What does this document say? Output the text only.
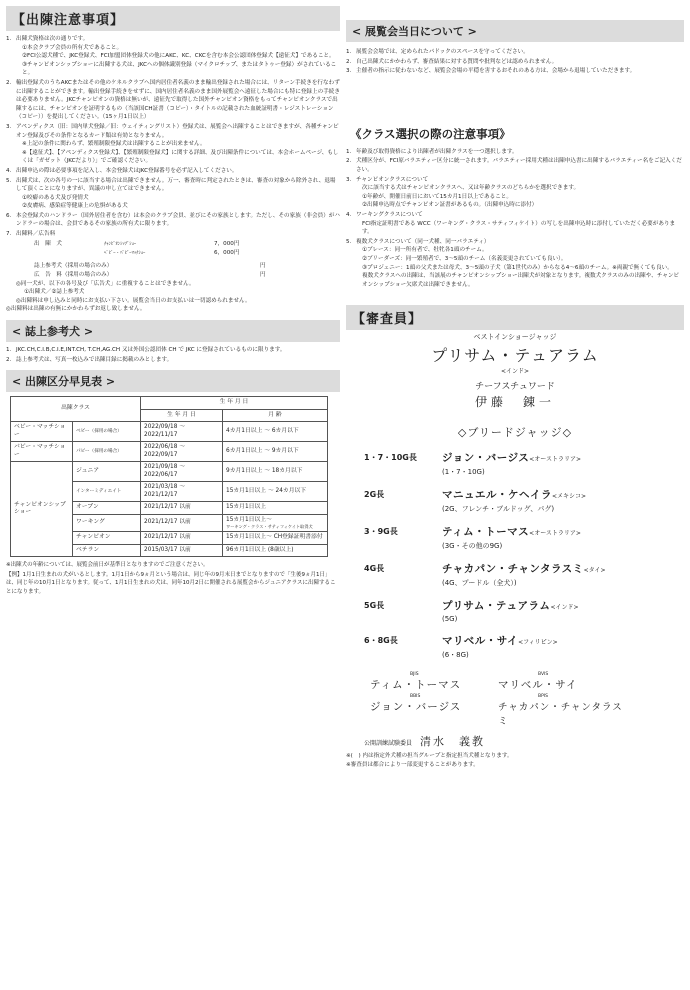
【出陳注意事項】
1. 出陳犬資格は次の通りです。
①本会クラブ会員の所有犬であること。
②FCI公認犬種で、JKC登録犬、FCI加盟団体登録犬の他にAKC、KC、CKCを含む本会公認団体登録犬【遠征犬】であること。
③チャンピオンシップショーに出陳する犬は、JKCへの個体識別登録（マイクロチップ、またはタトゥー登録）がされていること。
2. 輸出登録犬のうちAKCまたはその他のケネルクラブへ国内居住者名義のまま輸出登録された場合には、リターン手続きを行なわずに出陳することができます。輸出登録手続きをせずに、国内居住者名義のまま国外展覧会へ遠征した場合にも特に登録上の手続きは必要ありません。JKCチャンピオンの資格は無いが、遠征先で取得した国外チャンピオン資格をもってチャンピオンクラスで出陳するには、チャンピオンを証明するもの（当該国CH証書（コピー）・タイトルの記載された血統証明書・レジストレーション（コピー））を提出してください。（15ヶ月1日以上）
3. アペンディクス（旧：国内単犬登録／旧：ウェイティングリスト）登録犬は、展覧会へ出陳することはできますが、各種チャンピオン登録及びその条件となるカード類は有効となりません。
※上記の条件に関わらず、繁殖制限登録犬は出陳することが出来ません。
※【遠征犬】、【アペンディクス登録犬】、【繁殖制限登録犬】に関する詳細、及び出陳条件については、本会ホームページ、もしくは「ガゼット（JKCだより）」でご確認ください。
4. 出陳申込の際は必要事項を記入し、本会登録犬はJKC登録番号を必ず記入してください。
5. 出陳犬は、次の各号の一に該当する場合は出陳できません。万一、審査時に判定されたときは、審査の対象から除外され、退場して頂くことになりますが、異議の申し立てはできません。
①咬癖のある犬及び発情犬
②皮膚病、感染症等健康上の危惧がある犬
6. 本会登録犬のハンドラー（国外居住者を含む）は本会のクラブ会員、並びにその家族とします。ただし、その家族（非会員）がハンドラーの場合は、会員であるその家族の所有犬に限ります。
7. 出陳料／広告料
出　陳　犬	ﾁｬﾝﾋﾟｵﾝｼｯﾌﾟｼｮｰ	7，000円
ﾍﾞﾋﾞｰ・ﾊﾟﾋﾟｰﾏｯﾁｼｮｰ	6，000円
誌上参考犬（採用の場合のみ）	円
広　告　料（採用の場合のみ）	円
◎同一犬が、以下の各号及び「広告犬」に重複することはできません。
①出陳犬／②誌上参考犬
◎出陳料は申し込みと同時にお支払い下さい。展覧会当日のお支払いは一切認められません。
◎出陳料は出陳の有無にかかわらずお返し致しません。
< 誌上参考犬 >
1. JKC.CH,C.I.B,C.I.E,INT.CH, T.CH,AG.CH 又は外国公認団体 CH で JKC に登録されているものに限ります。
2. 誌上参考犬は、写真一枚込みで出陳目録に掲載のみとします。
< 出陳区分早見表 >
出陳クラス		生 年 月 日	
		生 年 月 日	月 齢
ベビー・マッチショー	ベビー（採用の場合）	2022/09/18 ～ 2022/11/17	4カ月1日以上 ～ 6カ月以下

パピー・マッチショー	パピー（採用の場合）	2022/06/18 ～ 2022/09/17	6カ月1日以上 ～ 9カ月以下

チャンピオンシップショー	ジュニア	2021/09/18 ～ 2022/06/17	9カ月1日以上 ～ 18カ月以下

	インターミディエイト	2021/03/18 ～ 2021/12/17	15カ月1日以上 ～ 24カ月以下

	オープン	2021/12/17 以前	15カ月1日以上

	ワーキング	2021/12/17 以前	15カ月1日以上～
ワーキング・クラス・サティフィケイト取得犬

	チャンピオン	2021/12/17 以前	15カ月1日以上～ CH登録証明書添付

	ベテラン	2015/03/17 以前	96カ月1日以上 (8歳以上)
※出陳犬の年齢については、展覧会前日が基準日となりますのでご注意ください。
【例】1月1日生まれの犬がいるとします。1月1日から9ヵ月という場合は、同じ年の9月末日までとなりますので「生後9ヵ月1日」は、同じ年の10月1日となります。従って、1月1日生まれの犬は、同年10月2日に開催される展覧会からジュニアクラスに出陳することになります。
< 展覧会当日について >
1. 展覧会会場では、定められたパドックのスペースを守ってください。
2. 自己出陳犬にかかわらず、審査結果に対する質問や批判などは認められません。
3. 主催者の指示に従わないなど、展覧会会場の平穏を害するおそれのある方は、会場から退場していただきます。
《クラス選択の際の注意事項》
1. 年齢及び取得資格により出陳者が出陳クラスを一つ選択します。
2. 犬種区分が、FCI原バラエティー区分に統一されます。バラエティー採用犬種は出陳申込書に出陳するバラエティー名をご記入ください。
3. チャンピオンクラスについて
次に該当する犬はチャンピオンクラスへ、又は年齢クラスのどちらかを選択できます。
①年齢が、開催日前日において15カ月1日以上であること。
②出陳申込時点でチャンピオン証書があるもの。（出陳申込時に添付）
4. ワーキングクラスについて
FCI指定証明書である WCC（ワーキング・クラス・サティフィケイト）の写しを出陳申込時に添付していただく必要があります。
5. 複数犬クラスについて（同一犬種、同一バラエティ）
①ブレース：同一所有者で、牡牝各1頭のチーム。
②ブリーダーズ：同一繁殖者で、3～5頭のチーム（名義変更されていても良い）。
③プロジェニー：1頭の父犬または母犬、3～5頭の子犬（第1世代のみ）からなる4～6頭のチーム。※両親で無くても良い。
複数犬クラスへの出陳は、当該展のチャンピオンシップショー出陳犬が対象となります。複数犬クラスのみの出陳や、チャンピオンシップショー欠席犬は出陳できません。
【審査員】
ベストインショージャッジ
プリサム・テュアラム
<インド>
チーフスチュワード
伊藤　錬一
◇ブリードジャッジ◇
1・7・10G長	ジョン・バージス<オーストラリア>
(1・7・10G)
2G長	マニュエル・ケヘイラ<メキシコ>
(2G、フレンチ・ブルドッグ、パグ)
3・9G長	ティム・トーマス<オーストラリア>
(3G・その他の9G)
4G長	チャカパン・チャンタラスミ<タイ>
(4G、プードル（全犬）)
5G長	プリサム・テュアラム<インド>
(5G)
6・8G長	マリベル・サイ<フィリピン>
(6・8G)
BJIS
ティム・トーマス
BVIS
マリベル・サイ
BBIS
ジョン・バージス
BPIS
チャカパン・チャンタラスミ
公開訓練試験委員 清水　義教
※(　) 内は指定外犬種の担当グループと指定担当犬種となります。
※審査員は都合により一部変更することがあります。
